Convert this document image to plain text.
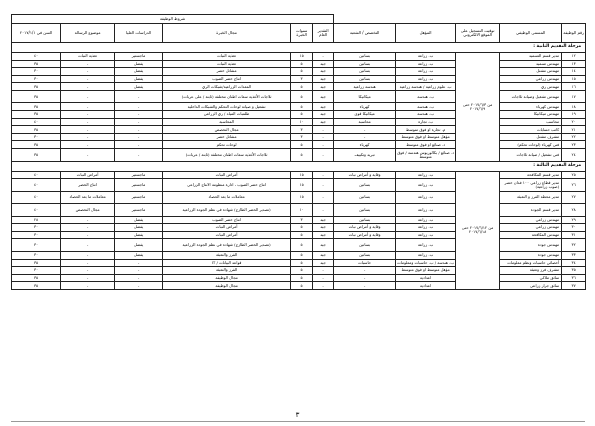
					شروط الوظيفة					
رقم الوظيفة	المسمى الوظيفي	توقيت التسجيل على الموقع الالكتروني	المؤهل	التخصص / الشعبة	التقدير العام	سنوات الخبرة	مجال الخبرة	الدراسات العليا	موضوع الرسالة	السن في ٢٠١٧/١/١
مرحلة التقديم الثانية :										
١٢	مدير قسم التسميد	من ٢٠١٧/٦/٣ حتى ٢٠١٧/٦/٩	ب. زراعة	بساتين	-	١٥	تغذية النبات	ماجستير	تغذية النبات	٤٠
١٣	مهندس تسميد		ب. زراعة	بساتين	جيد	٥	تغذية النبات	يفضل	-	٣٥
١٤	مهندس مشتل		ب. زراعة	بساتين	جيد	٥	مشاتل خضر	يفضل	-	٣٠
١٥	مهندس زراعي		ب. زراعة	بساتين	جيد	٣	انتاج خضر الصوب	يفضل	-	٣٠
١٦	مهندس ري		ب. علوم زراعية / هندسة زراعية	هندسة زراعية	جيد	٥	المعدات الزراعية/شبكات الري	يفضل	-	٣٥
١٧	مهندس تشغيل وصيانة ثلاجات		ب. هندسة	ميكانيكا	جيد	٥	ثلاجات الأغذية سعات اطنان مختلفة (ثابتة / على عربات)	-	-	٣٥
١٨	مهندس كهرباء		ب. هندسة	كهرباء	جيد	٥	تشغيل و صيانة لوحات التحكم والشبكات الداخلية	-	-	٣٥
١٩	مهندس ميكانيكا		ب. هندسة	ميكانيكا قوى	جيد	٥	طلمبات المياه / ري الزراعي	-	-	٣٥
٢٠	محاسب		ب. تجارة	محاسبة	جيد	١٠	المحاسبة	-	-	٤٠
٢١	كاتب حسابات		م. تجارة او فوق متوسط	-	-	٣	مجال التخصص	-	-	٣٥
٢٢	مشرف مشتل		مؤهل متوسط او فوق متوسط	-	-	٣	مشاتل خضر	-	-	٣٠
٢٣	فني كهرباء (لوحات تحكم)		د. صنائع او فوق متوسط	كهرباء	-	٥	لوحات تحكم	-	-	٣٥
٢٤	فني تشغيل / صيانة ثلاجات		د. صنائع / بكالوريوس هندسة / فوق متوسط	تبريد وتكييف	-	٥	ثلاجات الأغذية سعات اطنان مختلفة (ثابتة / عربات)	-	-	٣٥
مرحلة التقديم الثالثة :										
٢٥	مدير قسم المكافحة	من ٢٠١٧/٦/١٢ حتى ٢٠١٧/٦/١٨	ب. زراعة	وقاية و أمراض نبات	-	١٥	أمراض النبات	ماجستير	أمراض النبات	٤٠
٢٦	مدير قطاع زراعي ١٠٠ فدان خضر (صوب زراعية)		ب. زراعة	بساتين	-	١٥	انتاج خضر الصوب ، ادارة منظومة الانتاج الزراعي	ماجستير	انتاج الخضر	٤٠
٢٧	مدير محطة الفرز و التعبئة		ب. زراعة	بساتين	-	١٥	معاملات ما بعد الحصاد	ماجستير	معاملات ما بعد الحصاد	٤٠
٢٨	مدير قسم الجودة		ب. زراعة	بساتين	-	١٠	(تصدير الخضر الطازج) شهادة في نظم الجودة الزراعية	ماجستير	مجال التخصص	٤٠
٢٩	مهندس زراعي		ب. زراعة	بساتين	جيد	٣	انتاج خضر الصوب	يفضل	-	٢٨
٣٠	مهندس زراعي		ب. زراعة	وقاية و أمراض نبات	جيد	٥	أمراض النبات	يفضل	-	٣٠
٣١	مهندس المكافحة		ب. زراعة	وقاية و أمراض نبات	جيد	٥	أمراض النبات	يفضل	-	٣٠
٣٢	مهندس جودة		ب. زراعة	بساتين	جيد	٥	(تصدير الخضر الطازج) شهادة في نظم الجودة الزراعية	يفضل	-	٣٠
٣٣	مهندس جودة		ب. زراعة	بساتين	جيد	٥	الفرز والتعبئة	يفضل	-	٣٠
٣٤	أخصائي حاسبات ونظم معلومات		ب. هندسة / ب. حاسبات ومعلومات	حاسبات	جيد	٥	قواعد البيانات / IT	-	-	٣٥
٣٥	مشرف فرز وتعبئة		مؤهل متوسط او فوق متوسط	-	-	٥	الفرز والتعبئة	-	-	٣٠
٣٦	سائق ملاكي		اعدادية	-	-	٥	مجال الوظيفة	-	-	٣٥
٣٧	سائق جرار زراعي		اعدادية	-	-	٥	مجال الوظيفة	-	-	٣٥
٣
